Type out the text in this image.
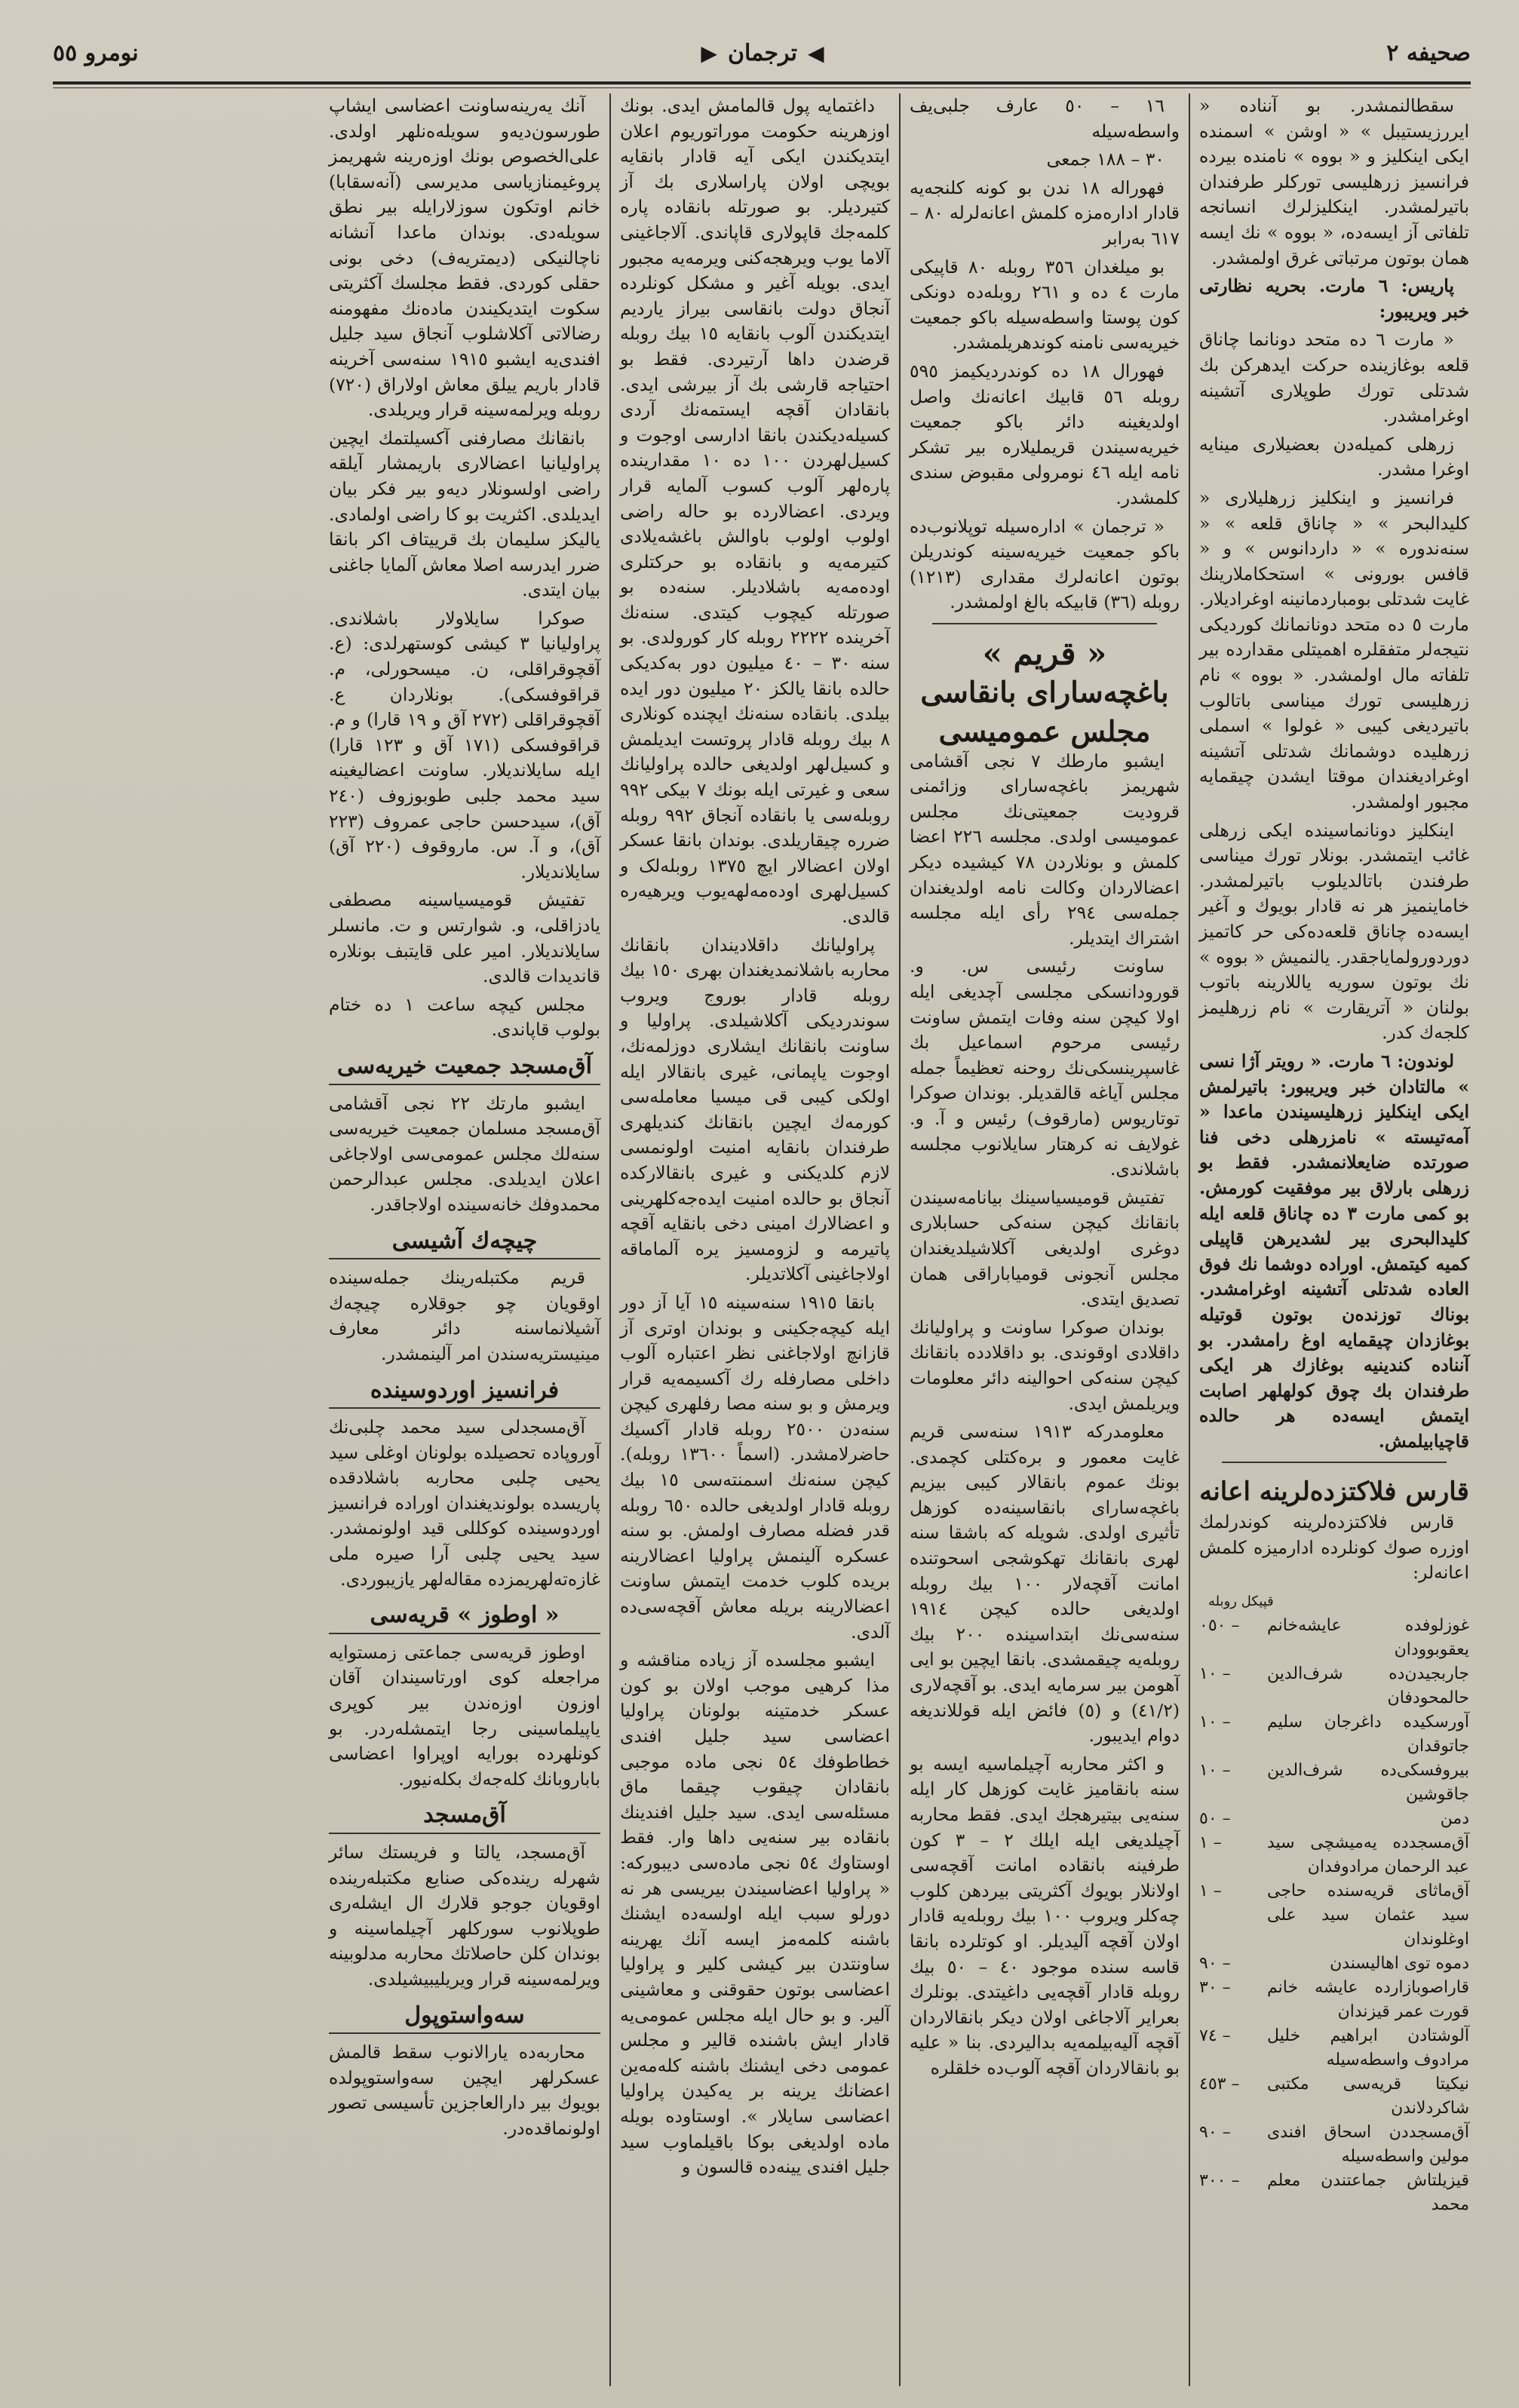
صحیفه ۲
◀
ترجمان
▶
نومرو ٥٥

سقطالنمشدر. بو آنناده « ایررزیستیبل » « اوشن » اسمنده ایکی اینکلیز و « بووه » نامنده بیرده فرانسیز زرهلیسی تورکلر طرفندان باتیرلمشدر. اینکلیزلرك انسانجه تلفاتی آز ایسه‌ده، « بووه » نك ایسه همان بوتون مرتباتی غرق اولمشدر.

پاریس: ٦ مارت. بحریه نظارتی خبر ویریبور:

« مارت ٦ ده متحد دونانما چاناق قلعه بوغازینده حرکت ایدهرکن بك شدتلی تورك طوپلاری آتشینه اوغرامشدر.

زرهلی کمیله‌دن بعضیلاری مینایه اوغرا مشدر.

فرانسیز و اینکلیز زرهلیلاری « کلیدالبحر » « چاناق قلعه » « سنه‌ندوره » « داردانوس » و « قافس بورونی » استحکاملارینك غایت شدتلی بومباردمانینه اوغرادیلار. مارت ٥ ده متحد دونانمانك کوردیکی نتیجه‌لر متفقلره اهمیتلی مقدارده بیر تلفاته مال اولمشدر. « بووه » نام زرهلیسی تورك میناسی باتالوب باتیردیغی کیبی « غولوا » اسملی زرهلیده دوشمانك شدتلی آتشینه اوغرادیغندان موقتا ایشدن چیقمایه مجبور اولمشدر.

اینکلیز دونانماسینده ایکی زرهلی غائب ایتمشدر. بونلار تورك میناسی طرفندن باتالدیلوب باتیرلمشدر. خاماینمیز هر نه قادار بویوك و آغیر ایسه‌ده چاناق قلعه‌ده‌کی حر کاتمیز دوردورولمایاجقدر. یالنمیش « بووه » نك بوتون سوریه یاللارینه باتوب بولنان « آتریقارت » نام زرهلیمز کلجه‌ك کدر.

لوندون: ٦ مارت. « رویتر آژا نسی » مالتادان خبر ویریبور: باتیرلمش ایکی اینکلیز زرهلیسیندن ماعدا « آمه‌تیسته » نامزرهلی دخی فنا صورتده ضایعلانمشدر. فقط بو زرهلی بارلاق بیر موفقیت کورمش. بو کمی مارت ٣ ده چاناق قلعه ایله کلیدالبحری بیر لشدیرهن قاپیلی کمیه کیتمش. اوراده دوشما نك فوق العاده شدتلی آتشینه اوغرامشدر. بوناك توزنده‌ن بوتون قوتیله بوغازدان چیقمایه اوغ رامشدر. بو آنناده کندینیه بوغازك هر ایکی طرفندان بك چوق کولهلهر اصابت ایتمش ایسه‌ده هر حالده قاچیابیلمش.

قارس فلاکتزده‌لرینه اعانه

قارس فلاکتزده‌لرینه کوندرلمك اوزره صوك کونلرده ادارمیزه کلمش اعانه‌لر:

قپیکل ‏روبله
غوزلوفده عایشه‌خانم یعقوبوودان
۰٥۰ –
جاربجیدن‌ده شرف‌الدین حالمحودفان
۱۰ –
آورسکیده داغرجان سلیم جاتوقدان
۱۰ –
بیروفسکی‌ده شرف‌الدین جاقوشین
۱۰ –
دمن
٥۰ –
آق‌مسجدده یه‌میشچی سید عبد الرحمان مرادوفدان
۱ –
آق‌ماثای قریه‌سنده حاجی سید عثمان سید علی اوغلوندان
۱ –
دموه توی اهالیسندن
۹۰ –
قاراصوبازارده عایشه خانم قورت عمر قیزندان
۳۰ –
آلوشتادن ابراهیم خلیل مرادوف واسطه‌سیله
۷٤ –
نیکیتا قریه‌سی مکتبی شاکردلاندن
٤٥۳ –
آق‌مسجددن اسحاق افندی مولین واسطه‌سیله
۹۰ –
قیزیلتاش جماعتندن معلم محمد
۳۰۰ –

۱٦ – ٥۰ عارف جلبی‌یف واسطه‌سیله

۳۰ – ۱۸۸ جمعی

فهوراله ۱۸ ندن بو کونه کلنجه‌یه قادار اداره‌مزه کلمش اعانه‌لرله ۸۰ – ٦۱۷ به‌رابر

بو میلغدان ۳٥٦ روبله ۸۰ قاپیکی مارت ٤ ده و ۲٦۱ روبله‌ده دونکی کون پوستا واسطه‌سیله باکو جمعیت خیریه‌سی نامنه کوندهریلمشدر.

فهورال ۱۸ ده کوندردیکیمز ٥۹٥ روبله ٥٦ قابیك اعانه‌نك واصل اولدیغینه دائر باکو جمعیت خیریه‌سیندن قریملیلاره بیر تشکر نامه ایله ٤٦ نومرولی مقبوض سندی کلمشدر.

« ترجمان » اداره‌سیله توپلانوب‌ده باکو جمعیت خیریه‌سینه کوندریلن بوتون اعانه‌لرك مقداری (۱۲۱۳) روبله (۳٦) قابیکه بالغ اولمشدر.

« قریم »
باغچه‌سارای بانقاسی
مجلس عمومیسی

ایشبو مارطك ۷ نجی آقشامی شهریمز باغچه‌سارای وزائمنی قرودیت جمعیتی‌نك مجلس عمومیسی اولدی. مجلسه ۲۲٦ اعضا کلمش و بونلاردن ۷۸ کیشیده دیکر اعضالاردان وکالت نامه اولدیغندان جمله‌سی ۲۹٤ رأی ایله مجلسه اشتراك ایتدیلر.

ساونت رئیسی س. و. قورودانسکی مجلسی آچدیغی ایله اولا کیچن سنه وفات ایتمش ساونت رئیسی مرحوم اسماعیل بك غاسپرینسکی‌نك روحنه تعظیماً جمله مجلس آیاغه قالقدیلر. بوندان صوکرا توتاریوس (مارقوف) رئیس و آ. و. غولایف نه کرهتار سایلانوب مجلسه باشلاندی.

تفتیش قومیسیاسینك بیانامه‌سیندن بانقانك کیچن سنه‌کی حسابلاری دوغری اولدیغی آکلاشیلدیغندان مجلس آنجونی قومیاباراقی همان تصدیق ایتدی.

بوندان صوکرا ساونت و پراولیانك داقلادی اوقوندی. بو داقلادده بانقانك کیچن سنه‌کی احوالینه دائر معلومات ویریلمش ایدی.

معلومدرکه ۱۹۱۳ سنه‌سی قریم غایت معمور و بره‌کتلی کچمدی. بونك عموم بانقالار کیبی بیزیم باغچه‌سارای بانقاسینه‌ده کوزهل تأثیری اولدی. شویله که باشقا سنه لهری بانقانك تهکوشجی اسحوتنده امانت آقچه‌لار ۱۰۰ بیك روبله اولدیغی حالده کیچن ۱۹۱٤ سنه‌سی‌نك ابتداسینده ۲۰۰ بیك روبله‌یه چیقمشدی. بانقا ایچین بو ایی آهومن بیر سرمایه ایدی. بو آقچه‌لاری (٤١/۲) و (٥) فائض ایله قوللاندیغه دوام ایدیبور.

و اکثر محاربه آچیلماسیه ایسه بو سنه بانقامیز غایت کوزهل کار ایله سنه‌یی بیتیرهجك ایدی. فقط محاربه آچیلدیغی ایله ایلك ۲ – ۳ کون طرفینه بانقاده امانت آقچه‌سی اولانلار بویوك آکثریتی بیردهن کلوب چه‌کلر ویروب ۱۰۰ بیك روبله‌یه قادار اولان آقچه آلیدیلر. او کوتلرده بانقا قاسه سنده موجود ٤۰ – ٥۰ بیك روبله قادار آقچه‌یی داغیتدی. بونلرك بعرایر آلاجاغی اولان دیکر بانقالاردان آقچه آلیه‌بیلمه‌یه بدالیردی. بنا « علیه بو بانقالاردان آقچه آلوب‌ده خلقلره

داغتمایه پول قالمامش ایدی. بونك اوزهرینه حکومت موراتوریوم اعلان ایتدیکندن ایکی آیه قادار بانقایه بویچی اولان پاراسلاری بك آز کتیردیلر. بو صورتله بانقاده پاره کلمه‌جك قاپولاری قاپاندی. آلاجاغینی آلاما یوب ویرهجه‌کنی ویرمه‌یه مجبور ایدی. بویله آغیر و مشکل کونلرده آنجاق دولت بانقاسی بیراز یاردیم ایتدیکندن آلوب بانقایه ۱٥ بیك روبله قرضدن داها آرتیردی. فقط بو احتیاجه قارشی بك آز بیرشی ایدی. بانقادان آقچه ایستمه‌نك آردی کسیله‌دیکندن بانقا ادارسی اوجوت و کسیل‌لهردن ۱۰۰ ده ۱۰ مقدارینده پاره‌لهر آلوب کسوب آلمایه قرار ویردی. اعضالارده بو حاله راضی اولوب اولوب باوالش باغشه‌یلادی کتیرمه‌یه و بانقاده بو حرکتلری اوده‌مه‌یه باشلادیلر. سنه‌ده بو صورتله کیچوب کیتدی. سنه‌نك آخرینده ۲۲۲۲ روبله کار کورولدی. بو سنه ۳۰ – ٤۰ میلیون دور به‌کدیکی حالده بانقا یالکز ۲۰ میلیون دور ایده بیلدی. بانقاده سنه‌نك ایچنده کونلاری ۸ بیك روبله قادار پروتست ایدیلمش و کسیل‌لهر اولدیغی حالده پراولیا‌نك سعی و غیرتی ایله بونك ۷ بیکی ۹۹۲ روبله‌سی یا بانقاده آنجاق ۹۹۲ روبله ضرره چیقاریلدی. بوندان بانقا عسکر اولان اعضالار ایچ ۱۳۷٥ روبله‌لک و کسیل‌لهری اوده‌مه‌لهه‌یوب ویرهیه‌ره قالدی.

پراولیانك داقلادیندان بانقانك محاربه باشلانمدیغندان بهری ۱٥۰ بیك روبله قادار بوروج ویروب سوندردیکی آکلاشیلدی. پراولیا و ساونت بانقانك ایشلاری دوزلمه‌نك، اوجوت یاپمانی، غیری بانقالار ایله اولکی کیبی قی میسیا معامله‌سی کورمه‌ك ایچین بانقانك کندیلهری طرفندان بانقایه امنیت اولونمسی لازم کلدیکنی و غیری بانقالارکده آنجاق بو حالده امنیت ایده‌جه‌كلهرینی و اعضالارك امینی دخی بانقایه آقچه پاتیرمه و لزومسیز یره آلماماقه اولاجاغینی آکلاتدیلر.

بانقا ۱۹۱٥ سنه‌سینه ۱٥ آیا آز دور ایله کیچه‌جکینی و بوندان اوتری آز قازانچ اولاجاغنی نظر اعتباره آلوب داخلی مصارفله رك آکسیمه‌یه قرار ویرمش و بو سنه مصا رفلهری کیچن سنه‌دن ۲٥۰۰ روبله قادار آکسیك حاضرلامشدر. (اسماً ۱۳٦۰۰ روبله). کیچن سنه‌نك اسمنته‌سی ۱٥ بیك روبله قادار اولدیغی حالده ٦٥۰ روبله قدر فضله مصارف اولمش. بو سنه عسکره آلینمش پراولیا اعضالارینه بریده کلوب خدمت ایتمش ساونت اعضالارینه بریله معاش آقچه‌سی‌ده آلدی.

ایشبو مجلسده آز زیاده مناقشه و مذا کرهیی موجب اولان بو کون عسکر خدمتینه بولونان پراولیا اعضاسی سید جلیل افندی خطاطوفك ٥٤ نجی ماده موجبی بانقادان چیقوب چیقما ماق مسئله‌سی ایدی. سید جلیل افندینك بانقاده بیر سنه‌یی داها وار. فقط اوستاوك ٥٤ نجی ماده‌سی دیبورکه: « پراولیا اعضاسیندن بیریسی هر نه دورلو سبب ایله اولسه‌ده ایشنك باشنه کلمه‌مز ایسه آنك یهرینه ساونتدن بیر کیشی کلیر و پراولیا اعضاسی بوتون حقوقنی و معاشینی آلیر. و بو حال ایله مجلس عمومی‌یه قادار ایش باشنده قالیر و مجلس عمومی دخی ایشنك باشنه کله‌مه‌ین اعضانك یرینه بر یه‌کیدن پراولیا اعضاسی سایلار ». اوستاوده بویله ماده اولدیغی بوکا باقیلماوب سید جلیل افندی یینه‌ده قالسون و

آنك یه‌رینه‌ساونت اعضاسی ایشاپ طورسون‌دیه‌و سویله‌ه‌نلهر اولدی. علی‌الخصوص بونك اوزه‌رینه شهریمز پروغیمنازیاسی مدیرسی (آنه‌سقابا) خانم اوتکون سوزلارایله بیر نطق سویله‌دی. بوندان ماعدا آنشانه ناچالنیکی (دیمتریه‌ف) دخی بونی حقلی کوردی. فقط مجلسك آکثریتی سکوت ایتدیکیندن ماده‌نك مفهومنه رضالاتی آکلاشلوب آنجاق سید جلیل افندی‌یه ایشبو ۱۹۱٥ سنه‌سی آخرینه قادار باریم ییلق معاش اولاراق (۷۲۰) روبله ویرلمه‌سینه قرار ویریلدی.

بانقانك مصارفنی آکسیلتمك ایچین پراولیانیا اعضالاری باریمشار آیلقه راضی اولسونلار دیه‌و بیر فکر بیان ایدیلدی. اکثریت بو کا راضی اولمادی. یالیکز سلیمان بك قرییتاف اکر بانقا ضرر ایدرسه اصلا معاش آلمایا جاغنی بیان ایتدی.

صوکرا سایلاولار باشلاندی. پراولیانیا ٣ کیشی کوستهرلدی: (ع. آقچوقراقلی، ن. میسحورلی، م. قراقوفسکی). بونلاردان ع. آقچوقراقلی (۲۷۲ آق و ۱۹ قارا) و م. قراقوفسکی (۱۷۱ آق و ۱۲۳ قارا) ایله سایلاندیلار. ساونت اعضالیغینه سید محمد جلبی طوبوزوف (۲٤۰ آق)، سید‌حسن حاجی عمروف (۲۲۳ آق)، و آ. س. ماروقوف (۲۲۰ آق) سایلاندیلار.

تفتیش قومیسیاسینه مصطفی یادزاقلی، و. شوارتس و ت. مانسلر سایلاندیلار. امیر علی قایتبف بونلاره قاندیدات قالدی.

مجلس کیچه ساعت ۱ ده ختام بولوب قاپاندی.

آق‌مسجد جمعیت خیریه‌سی

ایشبو مارتك ۲۲ نجی آقشامی آق‌مسجد مسلمان جمعیت خیریه‌سی سنه‌لك مجلس عمومی‌سی اولاجاغی اعلان ایدیلدی. مجلس عبدالرحمن محمدوفك خانه‌سینده اولاجاقدر.

چیچه‌ك آشیسی

قریم مکتبله‌رینك جمله‌سینده اوقویان چو جوقلاره چیچه‌ك آشیلانماسنه دائر معارف مینیستریه‌سندن امر آلینمشدر.

فرانسیز اوردوسینده

آق‌مسجدلی سید محمد چلبی‌نك آوروپاده تحصیلده بولونان اوغلی سید یحیی چلبی محاربه باشلادقده پاریسده بولوندیغندان اوراده فرانسیز اوردوسینده کوکللی قید اولونمشدر. سید یحیی چلبی آرا صیره ملی غازه‌ته‌لهریمزده مقاله‌لهر یازیبوردی.

« اوطوز » قریه‌سی

اوطوز قریه‌سی جماعتی زمستوایه مراجعله کوی اورتاسیندان آقان اوزون اوزه‌ندن بیر کوپری یاپیلماسینی رجا ایتمشله‌ردر. بو کونلهرده بورایه اوپراوا اعضاسی باباروبانك کله‌جه‌ك بکله‌نیور.

آق‌مسجد

آق‌مسجد، یالتا و فریستك سائر شهرله رینده‌کی صنایع مکتبله‌رینده اوقویان جوجو قلارك ال ایشله‌ری طوپلانوب سورکلهر آچیلماسینه و بوندان کلن حاصلاتك محاربه مدلوبینه ویرلمه‌سینه قرار ویریلیبیشیلدی.

سه‌واستوپول

محاربه‌ده یارالانوب سقط قالمش عسکرلهر ایچین سه‌واستوپولده بویوك بیر دارالعاجزین تأسیسی تصور اولونماقده‌در.
